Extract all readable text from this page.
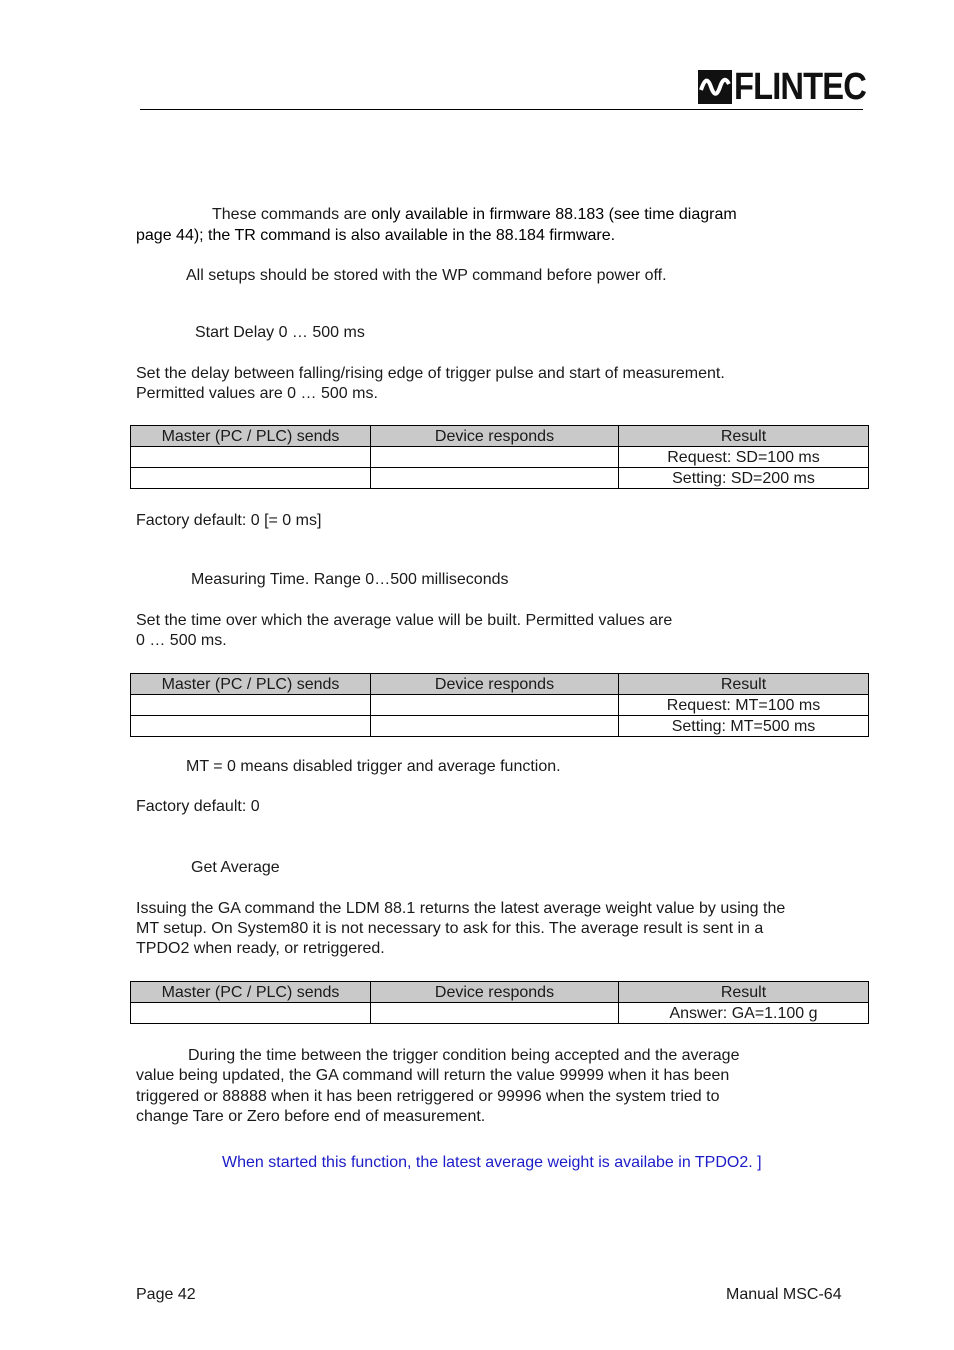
FLINTEC
These commands are only available in firmware 88.183 (see time diagram
page 44); the TR command is also available in the 88.184 firmware.
All setups should be stored with the WP command before power off.
Start Delay 0 … 500 ms
Set the delay between falling/rising edge of trigger pulse and start of measurement.
Permitted values are 0 … 500 ms.
Master (PC / PLC) sends	Device responds	Result
		Request: SD=100 ms
		Setting: SD=200 ms
Factory default: 0 [= 0 ms]
Measuring Time. Range 0…500 milliseconds
Set the time over which the average value will be built. Permitted values are
0 … 500 ms.
Master (PC / PLC) sends	Device responds	Result
		Request: MT=100 ms
		Setting: MT=500 ms
MT = 0 means disabled trigger and average function.
Factory default: 0
Get Average
Issuing the GA command the LDM 88.1 returns the latest average weight value by using the
MT setup. On System80 it is not necessary to ask for this. The average result is sent in a
TPDO2 when ready, or retriggered.
Master (PC / PLC) sends	Device responds	Result
		Answer: GA=1.100 g
During the time between the trigger condition being accepted and the average
value being updated, the GA command will return the value 99999 when it has been
triggered or 88888 when it has been retriggered or 99996 when the system tried to
change Tare or Zero before end of measurement.
When started this function, the latest average weight is availabe in TPDO2. ]
Page 42	Manual MSC-64
